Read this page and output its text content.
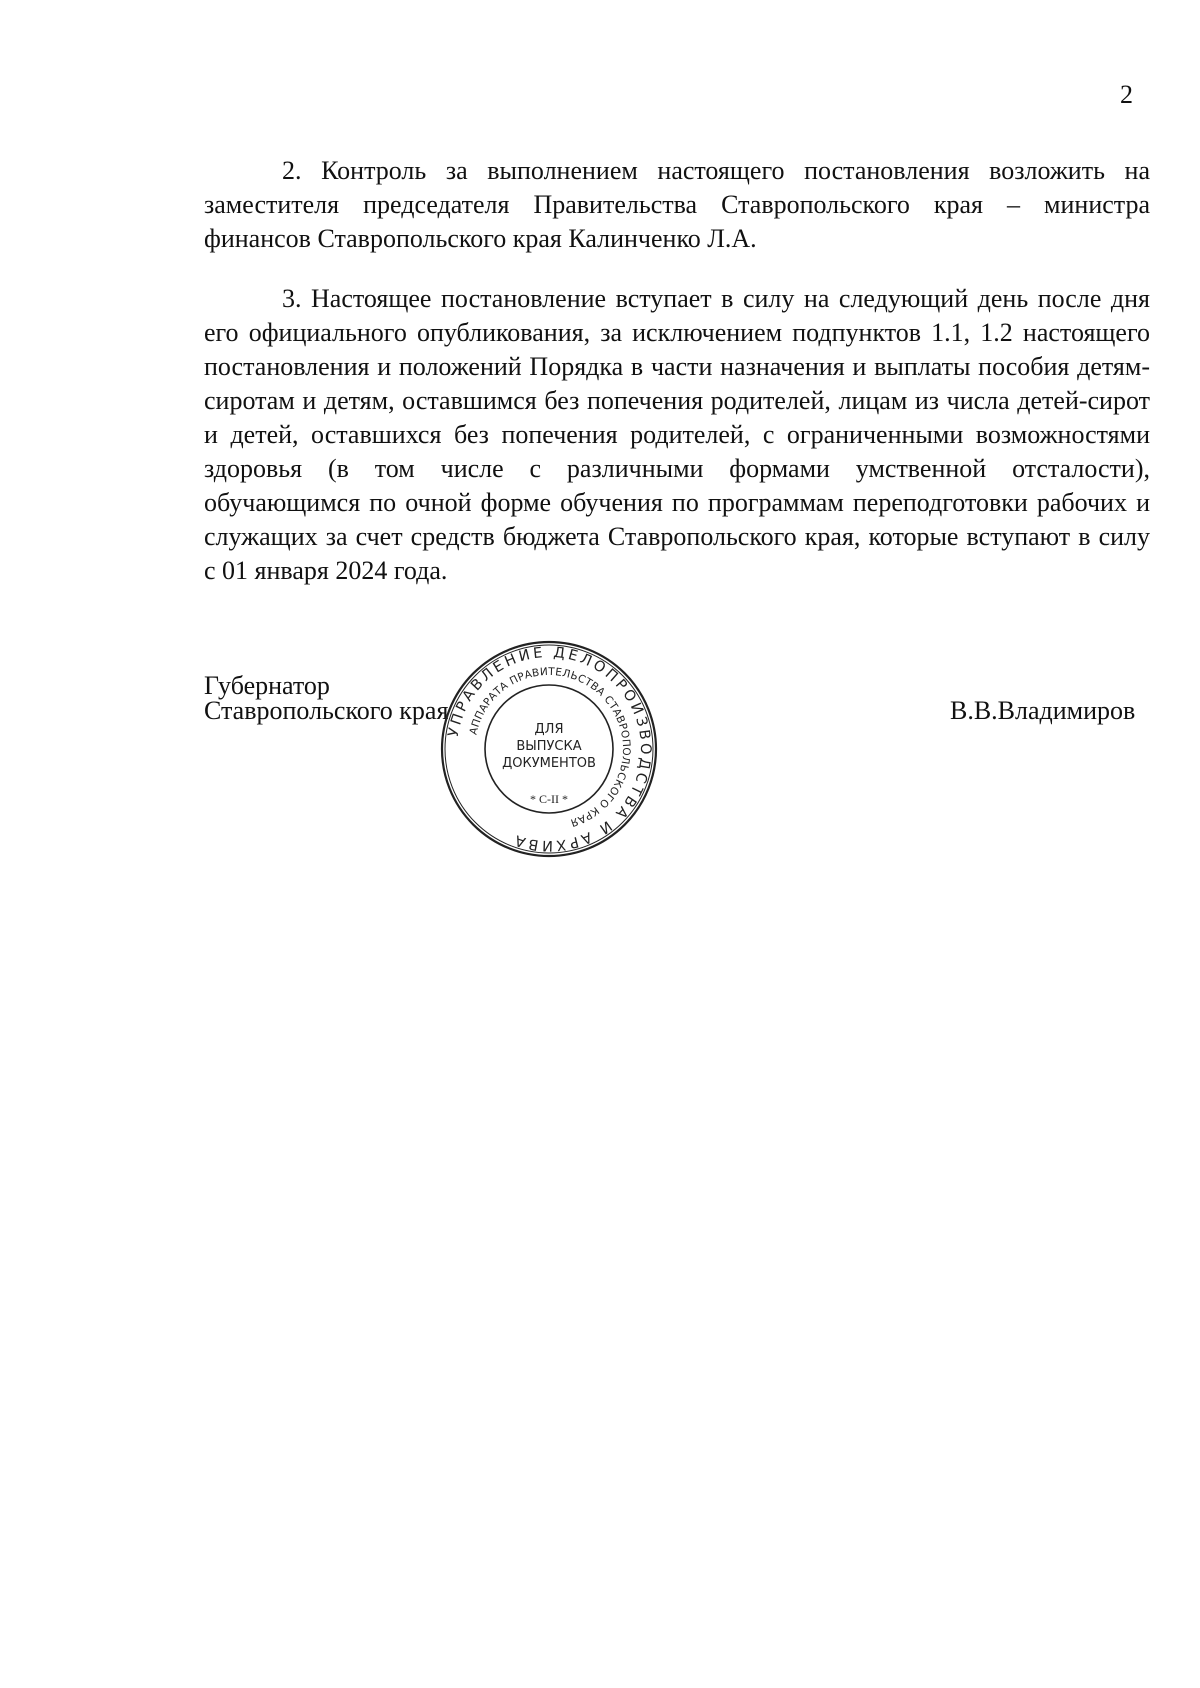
2

2. Контроль за выполнением настоящего постановления возложить на заместителя председателя Правительства Ставропольского края – министра финансов Ставропольского края Калинченко Л.А.

3. Настоящее постановление вступает в силу на следующий день после дня его официального опубликования, за исключением подпунктов 1.1, 1.2 настоящего постановления и положений Порядка в части назначения и выплаты пособия детям-сиротам и детям, оставшимся без попечения родителей, лицам из числа детей-сирот и детей, оставшихся без попечения родителей, с ограниченными возможностями здоровья (в том числе с различными формами умственной отсталости), обучающимся по очной форме обучения по программам переподготовки рабочих и служащих за счет средств бюджета Ставропольского края, которые вступают в силу с 01 января 2024 года.

Губернатор
Ставропольского края
УПРАВЛЕНИЕ ДЕЛОПРОИЗВОДСТВА И АРХИВА
АППАРАТА ПРАВИТЕЛЬСТВА СТАВРОПОЛЬСКОГО КРАЯ
ДЛЯ
ВЫПУСКА
ДОКУМЕНТОВ
* С-II *
В.В.Владимиров
